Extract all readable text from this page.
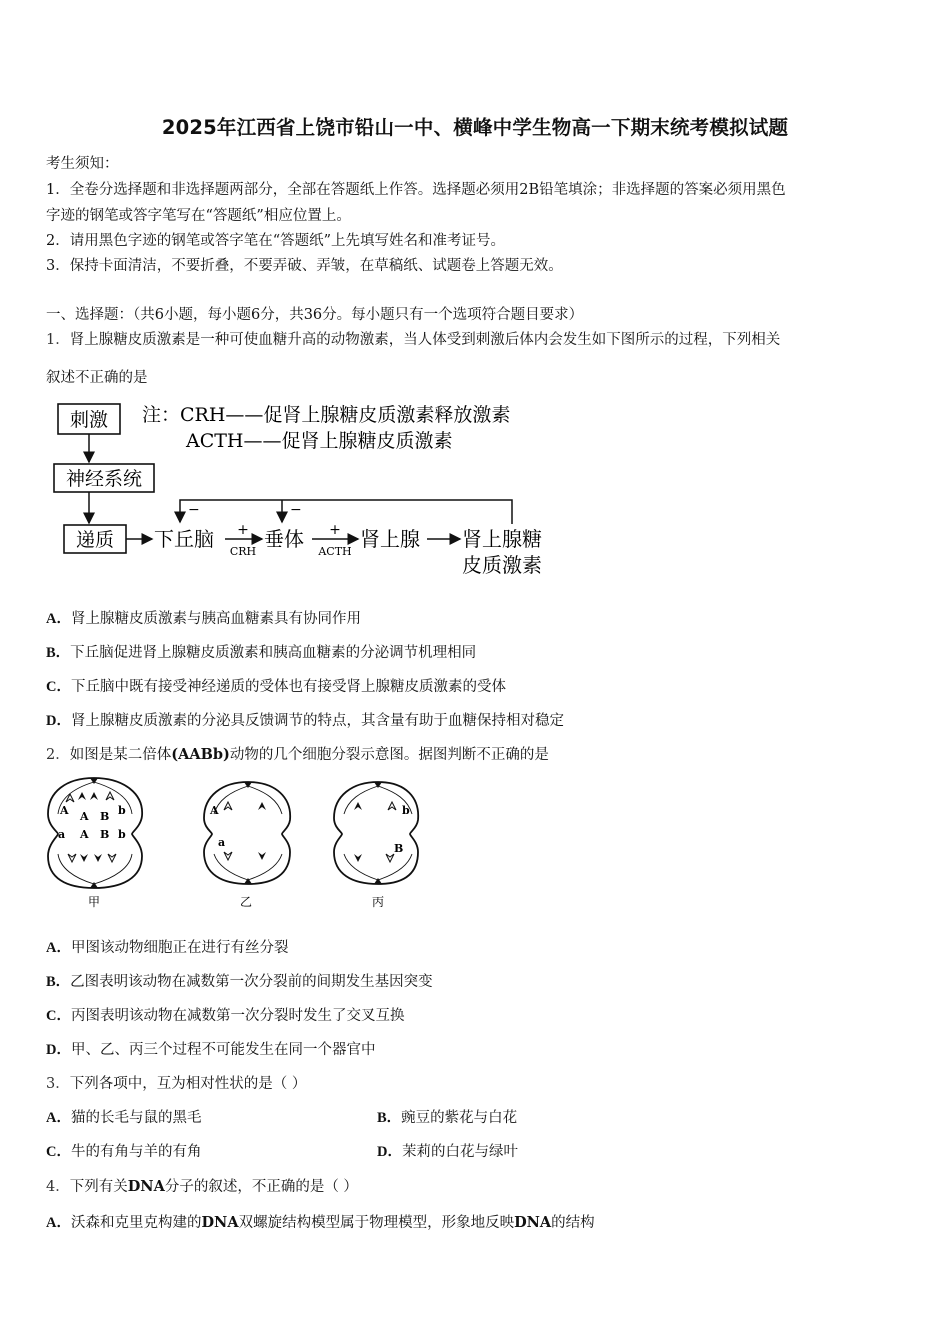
2025年江西省上饶市铅山一中、横峰中学生物高一下期末统考模拟试题
考生须知：
1．全卷分选择题和非选择题两部分，全部在答题纸上作答。选择题必须用2B铅笔填涂；非选择题的答案必须用黑色
字迹的钢笔或答字笔写在“答题纸”相应位置上。
2．请用黑色字迹的钢笔或答字笔在“答题纸”上先填写姓名和准考证号。
3．保持卡面清洁，不要折叠，不要弄破、弄皱，在草稿纸、试题卷上答题无效。
一、选择题：（共6小题，每小题6分，共36分。每小题只有一个选项符合题目要求）
1．肾上腺糖皮质激素是一种可使血糖升高的动物激素，当人体受到刺激后体内会发生如下图所示的过程，下列相关
叙述不正确的是
刺激
神经系统
递质 下丘脑 +
CRH
垂体 +
ACTH
肾上腺 肾上腺糖
皮质激素
−	−
注：CRH——促肾上腺糖皮质激素释放激素
ACTH——促肾上腺糖皮质激素
A．肾上腺糖皮质激素与胰高血糖素具有协同作用
B．下丘脑促进肾上腺糖皮质激素和胰高血糖素的分泌调节机理相同
C．下丘脑中既有接受神经递质的受体也有接受肾上腺糖皮质激素的受体
D．肾上腺糖皮质激素的分泌具反馈调节的特点，其含量有助于血糖保持相对稳定
2．如图是某二倍体(AABb)动物的几个细胞分裂示意图。据图判断不正确的是
A A B b
a A B b
甲
A
a
乙
b
B
丙
A．甲图该动物细胞正在进行有丝分裂
B．乙图表明该动物在减数第一次分裂前的间期发生基因突变
C．丙图表明该动物在减数第一次分裂时发生了交叉互换
D．甲、乙、丙三个过程不可能发生在同一个器官中
3．下列各项中，互为相对性状的是（ ）
A．猫的长毛与鼠的黑毛	B．豌豆的紫花与白花
C．牛的有角与羊的有角	D．茉莉的白花与绿叶
4．下列有关DNA分子的叙述，不正确的是（ ）
A．沃森和克里克构建的DNA双螺旋结构模型属于物理模型，形象地反映DNA的结构
